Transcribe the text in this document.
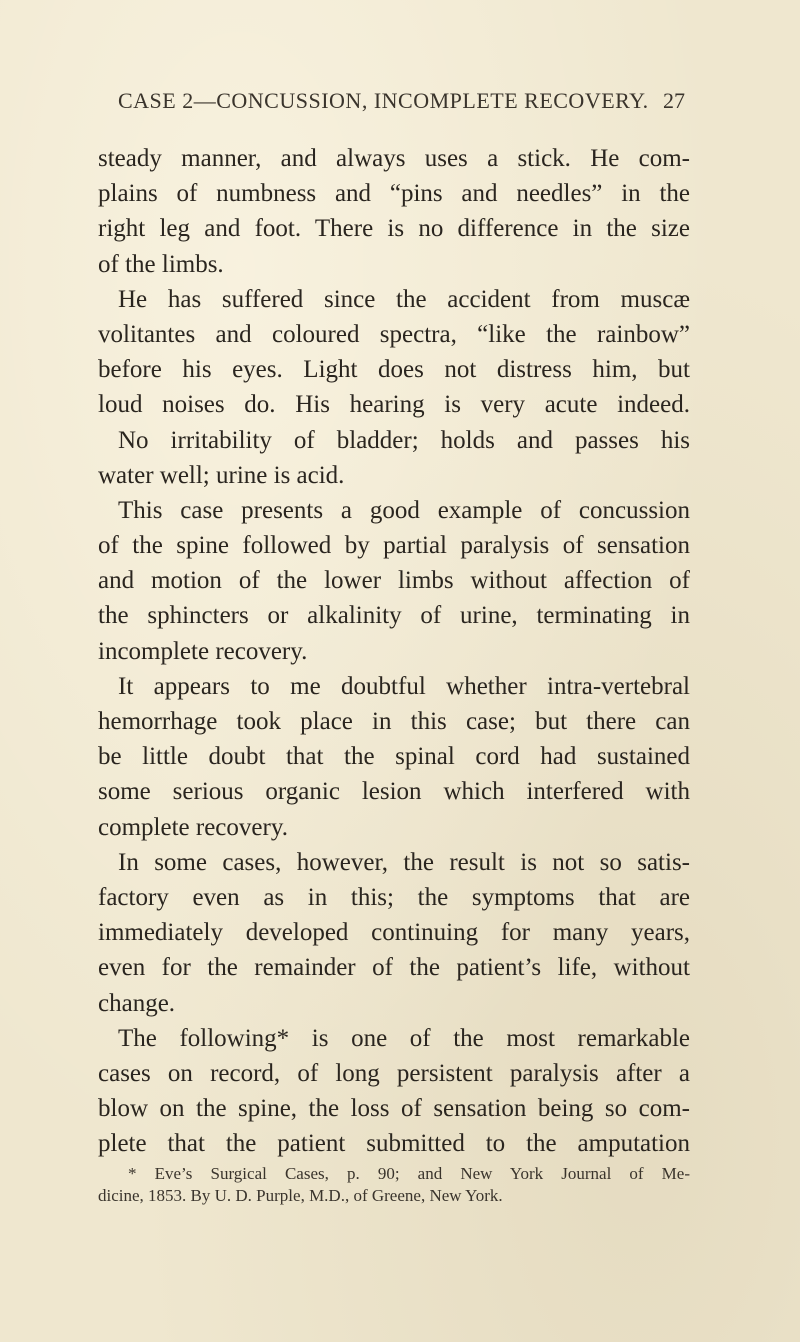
CASE 2—CONCUSSION, INCOMPLETE RECOVERY. 27
steady manner, and always uses a stick. He com-
plains of numbness and “pins and needles” in the
right leg and foot. There is no difference in the size
of the limbs.
He has suffered since the accident from muscæ
volitantes and coloured spectra, “like the rainbow”
before his eyes. Light does not distress him, but
loud noises do. His hearing is very acute indeed.
No irritability of bladder; holds and passes his
water well; urine is acid.
This case presents a good example of concussion
of the spine followed by partial paralysis of sensation
and motion of the lower limbs without affection of
the sphincters or alkalinity of urine, terminating in
incomplete recovery.
It appears to me doubtful whether intra-vertebral
hemorrhage took place in this case; but there can
be little doubt that the spinal cord had sustained
some serious organic lesion which interfered with
complete recovery.
In some cases, however, the result is not so satis-
factory even as in this; the symptoms that are
immediately developed continuing for many years,
even for the remainder of the patient’s life, without
change.
The following* is one of the most remarkable
cases on record, of long persistent paralysis after a
blow on the spine, the loss of sensation being so com-
plete that the patient submitted to the amputation
* Eve’s Surgical Cases, p. 90; and New York Journal of Me-
dicine, 1853. By U. D. Purple, M.D., of Greene, New York.
